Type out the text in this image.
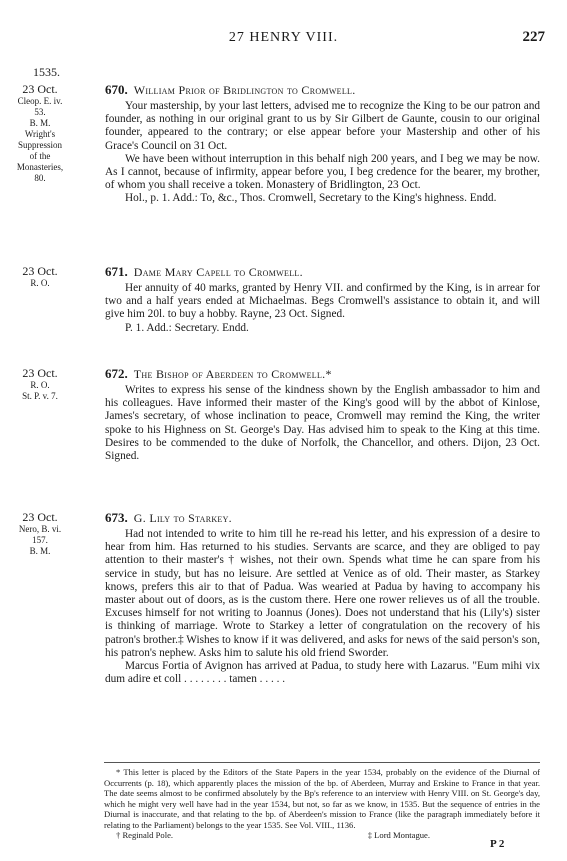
27 HENRY VIII.	227
1535.
23 Oct.
Cleop. E. iv.
53.
B. M.
Wright's
Suppression
of the
Monasteries,
80.
670. William Prior of Bridlington to Cromwell.

Your mastership, by your last letters, advised me to recognize the King to be our patron and founder, as nothing in our original grant to us by Sir Gilbert de Gaunte, cousin to our original founder, appeared to the contrary; or else appear before your Mastership and other of his Grace's Council on 31 Oct.

We have been without interruption in this behalf nigh 200 years, and I beg we may be now. As I cannot, because of infirmity, appear before you, I beg credence for the bearer, my brother, of whom you shall receive a token. Monastery of Bridlington, 23 Oct.

Hol., p. 1. Add.: To, &c., Thos. Cromwell, Secretary to the King's highness. Endd.

23 Oct.
R. O.
671. Dame Mary Capell to Cromwell.

Her annuity of 40 marks, granted by Henry VII. and confirmed by the King, is in arrear for two and a half years ended at Michaelmas. Begs Cromwell's assistance to obtain it, and will give him 20l. to buy a hobby. Rayne, 23 Oct. Signed.

P. 1. Add.: Secretary. Endd.

23 Oct.
R. O.
St. P. v. 7.
672. The Bishop of Aberdeen to Cromwell.*

Writes to express his sense of the kindness shown by the English ambassador to him and his colleagues. Have informed their master of the King's good will by the abbot of Kinlose, James's secretary, of whose inclination to peace, Cromwell may remind the King, the writer spoke to his Highness on St. George's Day. Has advised him to speak to the King at this time. Desires to be commended to the duke of Norfolk, the Chancellor, and others. Dijon, 23 Oct. Signed.

23 Oct.
Nero, B. vi.
157.
B. M.
673. G. Lily to Starkey.

Had not intended to write to him till he re-read his letter, and his expression of a desire to hear from him. Has returned to his studies. Servants are scarce, and they are obliged to pay attention to their master's † wishes, not their own. Spends what time he can spare from his service in study, but has no leisure. Are settled at Venice as of old. Their master, as Starkey knows, prefers this air to that of Padua. Was wearied at Padua by having to accompany his master about out of doors, as is the custom there. Here one rower relieves us of all the trouble. Excuses himself for not writing to Joannus (Jones). Does not understand that his (Lily's) sister is thinking of marriage. Wrote to Starkey a letter of congratulation on the recovery of his patron's brother.‡ Wishes to know if it was delivered, and asks for news of the said person's son, his patron's nephew. Asks him to salute his old friend Sworder.

Marcus Fortia of Avignon has arrived at Padua, to study here with Lazarus. "Eum mihi vix dum adire et coll . . . . . . . . tamen . . . . .

* This letter is placed by the Editors of the State Papers in the year 1534, probably on the evidence of the Diurnal of Occurrents (p. 18), which apparently places the mission of the bp. of Aberdeen, Murray and Erskine to France in that year. The date seems almost to be confirmed absolutely by the Bp's reference to an interview with Henry VIII. on St. George's day, which he might very well have had in the year 1534, but not, so far as we know, in 1535. But the sequence of entries in the Diurnal is inaccurate, and that relating to the bp. of Aberdeen's mission to France (like the paragraph immediately before it relating to the Parliament) belongs to the year 1535. See Vol. VIII., 1136.
† Reginald Pole.	‡ Lord Montague.
P 2
